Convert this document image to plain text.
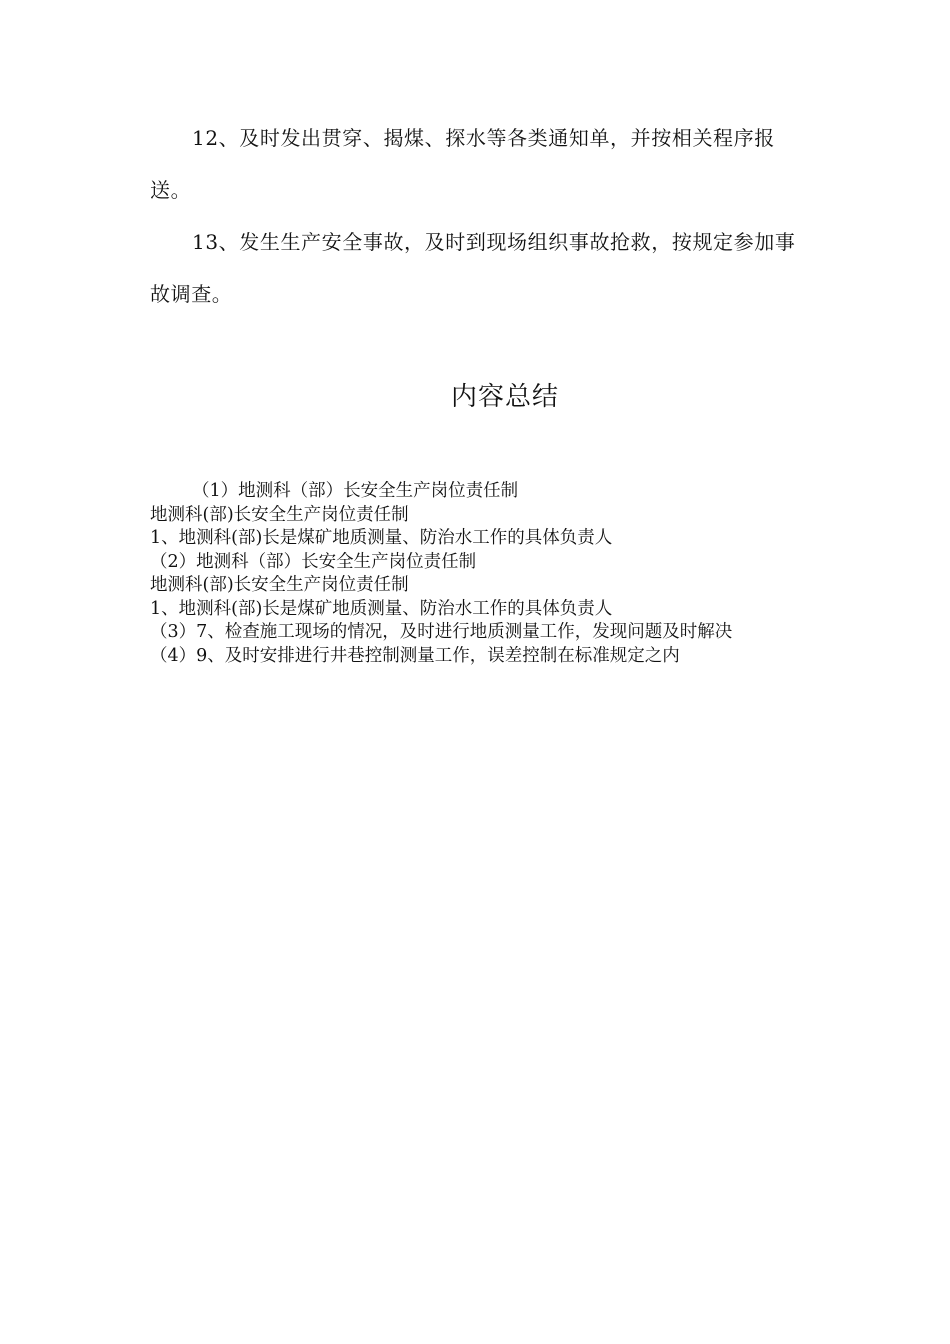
12、及时发出贯穿、揭煤、探水等各类通知单，并按相关程序报送。

13、发生生产安全事故，及时到现场组织事故抢救，按规定参加事故调查。

内容总结

（1）地测科（部）长安全生产岗位责任制

地测科(部)长安全生产岗位责任制

1、地测科(部)长是煤矿地质测量、防治水工作的具体负责人

（2）地测科（部）长安全生产岗位责任制

地测科(部)长安全生产岗位责任制

1、地测科(部)长是煤矿地质测量、防治水工作的具体负责人

（3）7、检查施工现场的情况，及时进行地质测量工作，发现问题及时解决

（4）9、及时安排进行井巷控制测量工作，误差控制在标准规定之内
